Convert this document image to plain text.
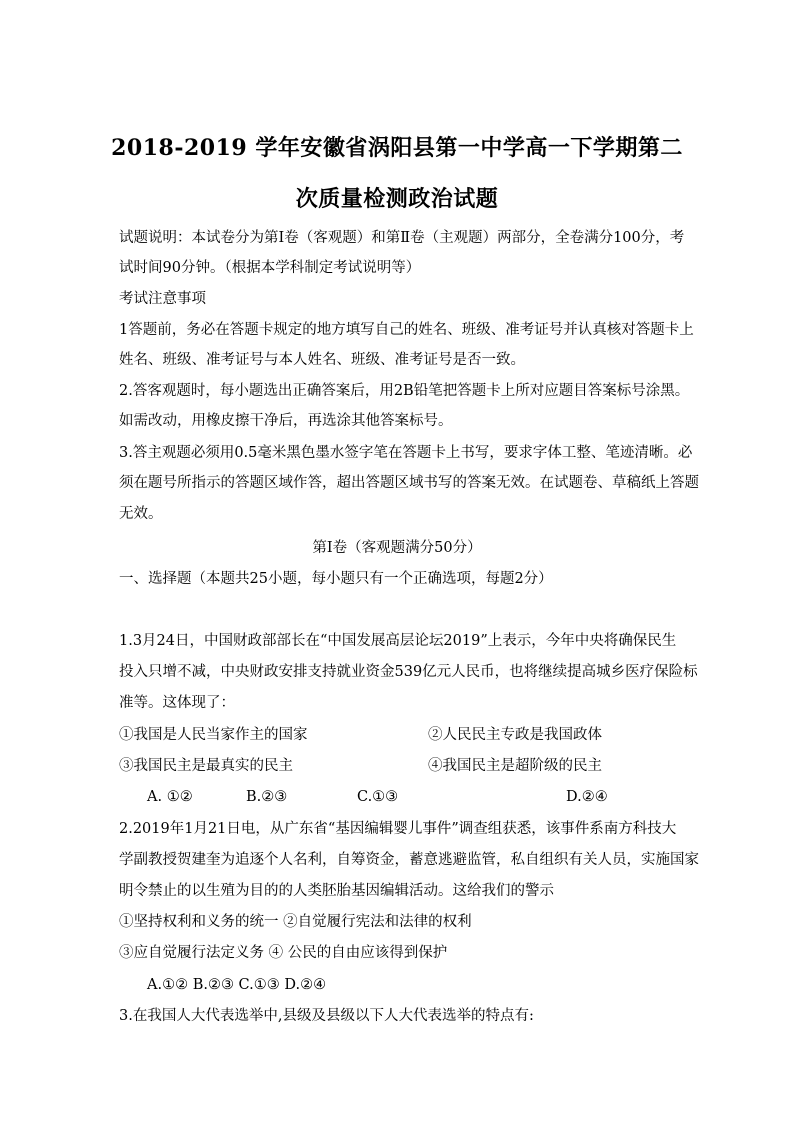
2018-2019 学年安徽省涡阳县第一中学高一下学期第二
次质量检测政治试题
试题说明：本试卷分为第Ⅰ卷（客观题）和第Ⅱ卷（主观题）两部分，全卷满分100分，考
试时间90分钟。（根据本学科制定考试说明等）
考试注意事项
1答题前，务必在答题卡规定的地方填写自己的姓名、班级、准考证号并认真核对答题卡上
姓名、班级、准考证号与本人姓名、班级、准考证号是否一致。
2.答客观题时，每小题选出正确答案后，用2B铅笔把答题卡上所对应题目答案标号涂黑。
如需改动，用橡皮擦干净后，再选涂其他答案标号。
3.答主观题必须用0.5毫米黑色墨水签字笔在答题卡上书写，要求字体工整、笔迹清晰。必
须在题号所指示的答题区域作答，超出答题区域书写的答案无效。在试题卷、草稿纸上答题
无效。
第Ⅰ卷（客观题满分50分）
一、选择题（本题共25小题，每小题只有一个正确选项，每题2分）
1.3月24日，中国财政部部长在“中国发展高层论坛2019”上表示，今年中央将确保民生
投入只增不减，中央财政安排支持就业资金539亿元人民币，也将继续提高城乡医疗保险标
准等。这体现了：
①我国是人民当家作主的国家	②人民民主专政是我国政体
③我国民主是最真实的民主	④我国民主是超阶级的民主
A. ①②	B.②③	C.①③	D.②④
2.2019年1月21日电，从广东省“基因编辑婴儿事件”调查组获悉，该事件系南方科技大
学副教授贺建奎为追逐个人名利，自筹资金，蓄意逃避监管，私自组织有关人员，实施国家
明令禁止的以生殖为目的的人类胚胎基因编辑活动。这给我们的警示
①坚持权利和义务的统一 ②自觉履行宪法和法律的权利
③应自觉履行法定义务 ④ 公民的自由应该得到保护
A.①② B.②③ C.①③ D.②④
3.在我国人大代表选举中,县级及县级以下人大代表选举的特点有:
